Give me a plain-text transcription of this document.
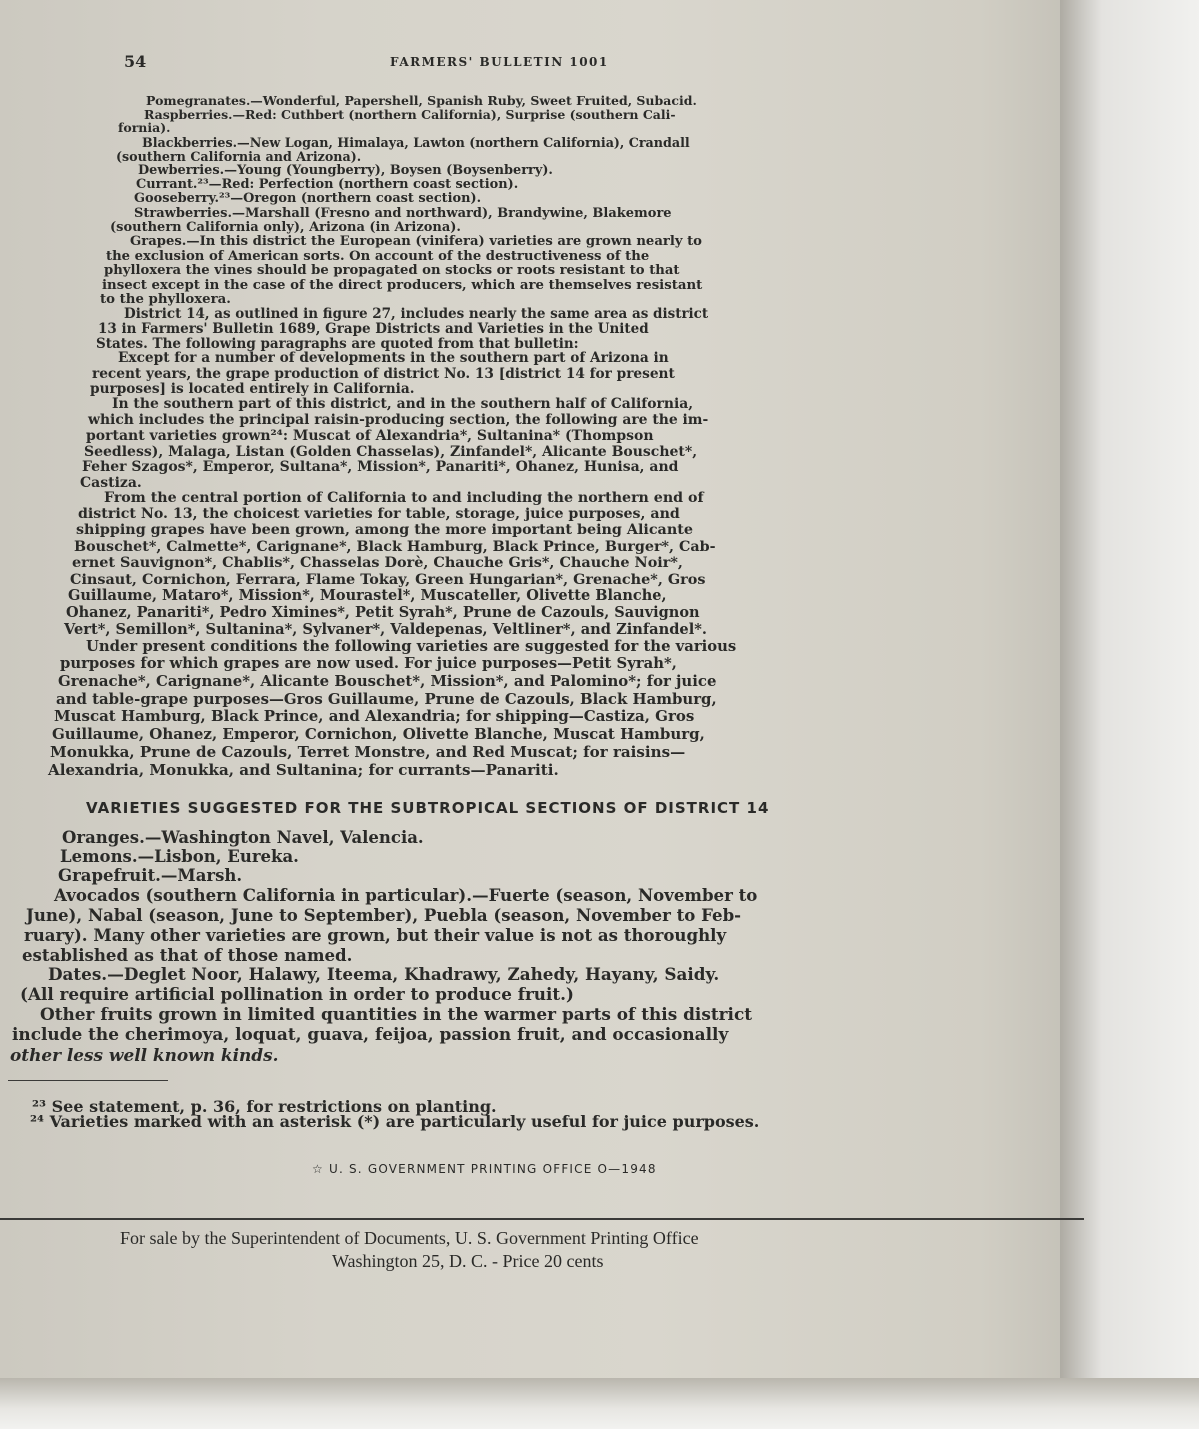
54	FARMERS' BULLETIN 1001
Pomegranates.—Wonderful, Papershell, Spanish Ruby, Sweet Fruited, Subacid.
Raspberries.—Red: Cuthbert (northern California), Surprise (southern Cali-
fornia).
Blackberries.—New Logan, Himalaya, Lawton (northern California), Crandall
(southern California and Arizona).
Dewberries.—Young (Youngberry), Boysen (Boysenberry).
Currant.²³—Red: Perfection (northern coast section).
Gooseberry.²³—Oregon (northern coast section).
Strawberries.—Marshall (Fresno and northward), Brandywine, Blakemore
(southern California only), Arizona (in Arizona).
Grapes.—In this district the European (vinifera) varieties are grown nearly to
the exclusion of American sorts. On account of the destructiveness of the
phylloxera the vines should be propagated on stocks or roots resistant to that
insect except in the case of the direct producers, which are themselves resistant
to the phylloxera.
District 14, as outlined in figure 27, includes nearly the same area as district
13 in Farmers' Bulletin 1689, Grape Districts and Varieties in the United
States. The following paragraphs are quoted from that bulletin:
Except for a number of developments in the southern part of Arizona in
recent years, the grape production of district No. 13 [district 14 for present
purposes] is located entirely in California.
In the southern part of this district, and in the southern half of California,
which includes the principal raisin-producing section, the following are the im-
portant varieties grown²⁴: Muscat of Alexandria*, Sultanina* (Thompson
Seedless), Malaga, Listan (Golden Chasselas), Zinfandel*, Alicante Bouschet*,
Feher Szagos*, Emperor, Sultana*, Mission*, Panariti*, Ohanez, Hunisa, and
Castiza.
From the central portion of California to and including the northern end of
district No. 13, the choicest varieties for table, storage, juice purposes, and
shipping grapes have been grown, among the more important being Alicante
Bouschet*, Calmette*, Carignane*, Black Hamburg, Black Prince, Burger*, Cab-
ernet Sauvignon*, Chablis*, Chasselas Dorè, Chauche Gris*, Chauche Noir*,
Cinsaut, Cornichon, Ferrara, Flame Tokay, Green Hungarian*, Grenache*, Gros
Guillaume, Mataro*, Mission*, Mourastel*, Muscateller, Olivette Blanche,
Ohanez, Panariti*, Pedro Ximines*, Petit Syrah*, Prune de Cazouls, Sauvignon
Vert*, Semillon*, Sultanina*, Sylvaner*, Valdepenas, Veltliner*, and Zinfandel*.
Under present conditions the following varieties are suggested for the various
purposes for which grapes are now used. For juice purposes—Petit Syrah*,
Grenache*, Carignane*, Alicante Bouschet*, Mission*, and Palomino*; for juice
and table-grape purposes—Gros Guillaume, Prune de Cazouls, Black Hamburg,
Muscat Hamburg, Black Prince, and Alexandria; for shipping—Castiza, Gros
Guillaume, Ohanez, Emperor, Cornichon, Olivette Blanche, Muscat Hamburg,
Monukka, Prune de Cazouls, Terret Monstre, and Red Muscat; for raisins—
Alexandria, Monukka, and Sultanina; for currants—Panariti.
VARIETIES SUGGESTED FOR THE SUBTROPICAL SECTIONS OF DISTRICT 14
Oranges.—Washington Navel, Valencia.
Lemons.—Lisbon, Eureka.
Grapefruit.—Marsh.
Avocados (southern California in particular).—Fuerte (season, November to
June), Nabal (season, June to September), Puebla (season, November to Feb-
ruary). Many other varieties are grown, but their value is not as thoroughly
established as that of those named.
Dates.—Deglet Noor, Halawy, Iteema, Khadrawy, Zahedy, Hayany, Saidy.
(All require artificial pollination in order to produce fruit.)
Other fruits grown in limited quantities in the warmer parts of this district
include the cherimoya, loquat, guava, feijoa, passion fruit, and occasionally
other less well known kinds.
²³ See statement, p. 36, for restrictions on planting.
²⁴ Varieties marked with an asterisk (*) are particularly useful for juice purposes.
☆ U. S. GOVERNMENT PRINTING OFFICE O—1948
For sale by the Superintendent of Documents, U. S. Government Printing Office
Washington 25, D. C. - Price 20 cents
